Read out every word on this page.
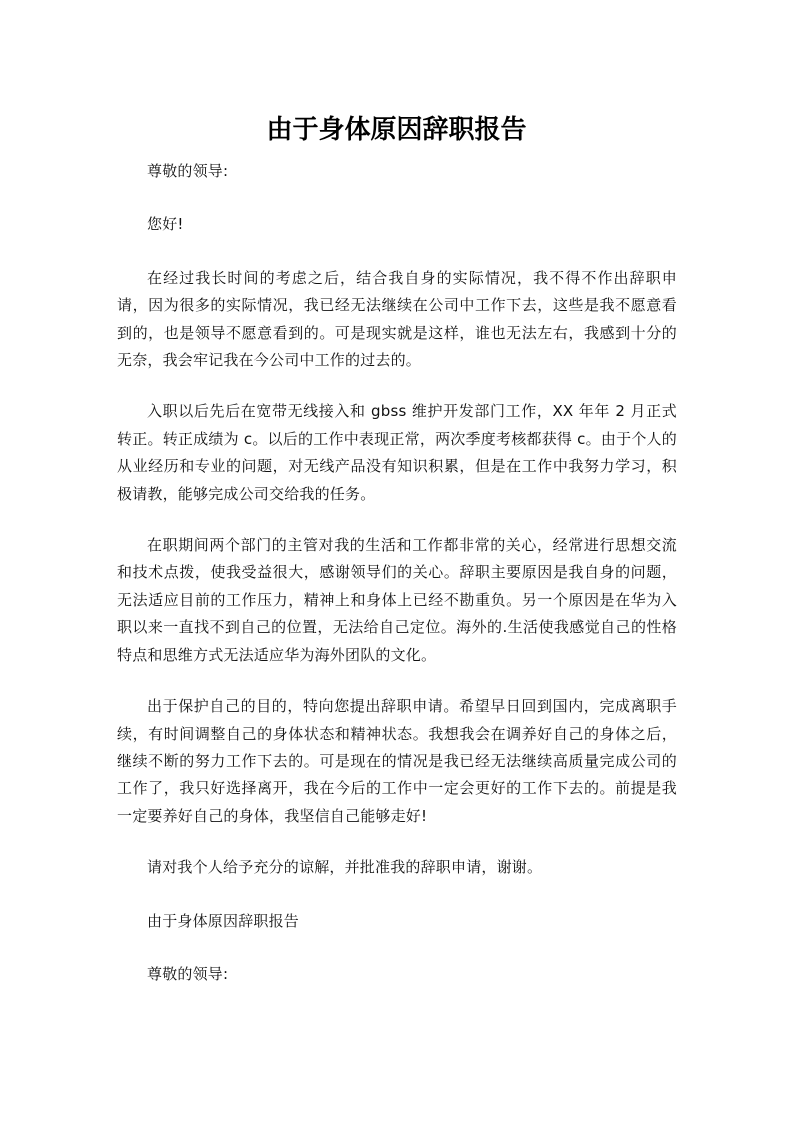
由于身体原因辞职报告

尊敬的领导:

您好!

在经过我长时间的考虑之后，结合我自身的实际情况，我不得不作出辞职申请，因为很多的实际情况，我已经无法继续在公司中工作下去，这些是我不愿意看到的，也是领导不愿意看到的。可是现实就是这样，谁也无法左右，我感到十分的无奈，我会牢记我在今公司中工作的过去的。

入职以后先后在宽带无线接入和 gbss 维护开发部门工作，XX 年年 2 月正式转正。转正成绩为 c。以后的工作中表现正常，两次季度考核都获得 c。由于个人的从业经历和专业的问题，对无线产品没有知识积累，但是在工作中我努力学习，积极请教，能够完成公司交给我的任务。

在职期间两个部门的主管对我的生活和工作都非常的关心，经常进行思想交流和技术点拨，使我受益很大，感谢领导们的关心。辞职主要原因是我自身的问题，无法适应目前的工作压力，精神上和身体上已经不勘重负。另一个原因是在华为入职以来一直找不到自己的位置，无法给自己定位。海外的.生活使我感觉自己的性格特点和思维方式无法适应华为海外团队的文化。

出于保护自己的目的，特向您提出辞职申请。希望早日回到国内，完成离职手续，有时间调整自己的身体状态和精神状态。我想我会在调养好自己的身体之后，继续不断的努力工作下去的。可是现在的情况是我已经无法继续高质量完成公司的工作了，我只好选择离开，我在今后的工作中一定会更好的工作下去的。前提是我一定要养好自己的身体，我坚信自己能够走好!

请对我个人给予充分的谅解，并批准我的辞职申请，谢谢。

由于身体原因辞职报告

尊敬的领导:
